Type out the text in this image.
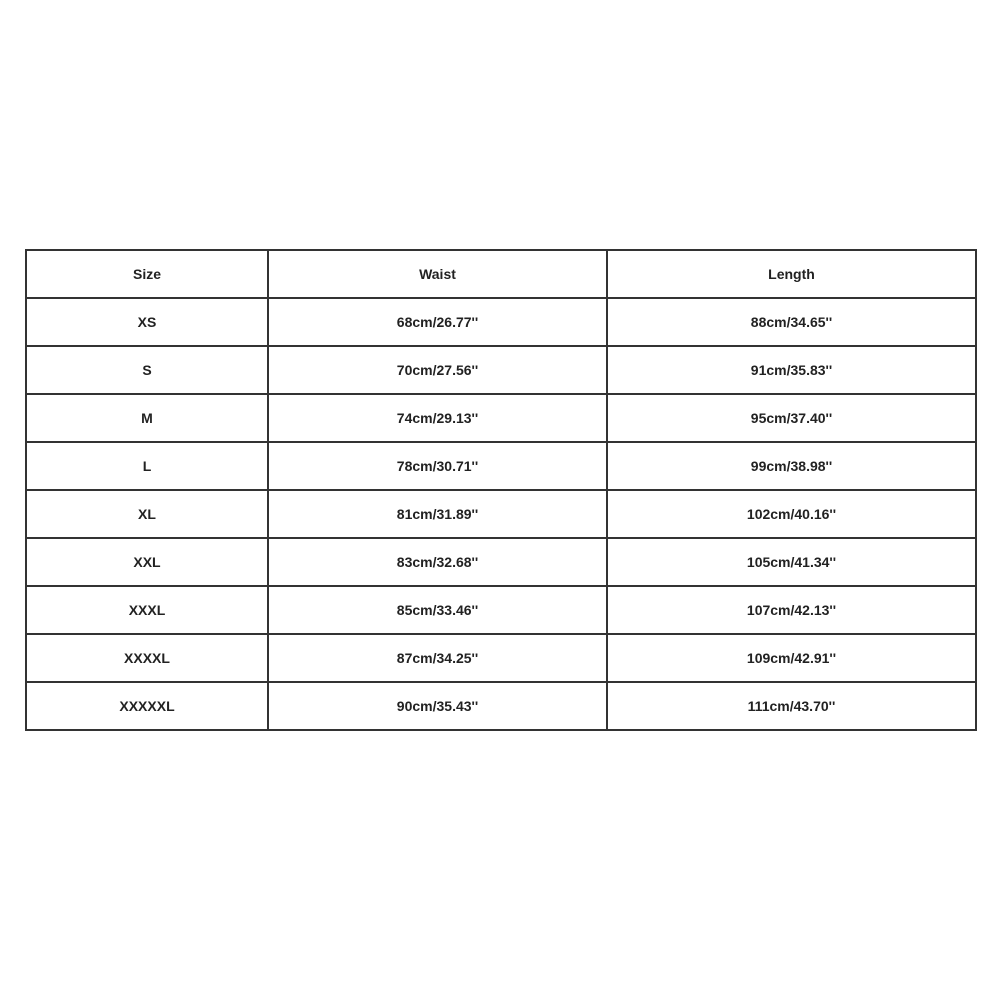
Size	Waist	Length
XS	68cm/26.77''	88cm/34.65''
S	70cm/27.56''	91cm/35.83''
M	74cm/29.13''	95cm/37.40''
L	78cm/30.71''	99cm/38.98''
XL	81cm/31.89''	102cm/40.16''
XXL	83cm/32.68''	105cm/41.34''
XXXL	85cm/33.46''	107cm/42.13''
XXXXL	87cm/34.25''	109cm/42.91''
XXXXXL	90cm/35.43''	111cm/43.70''
